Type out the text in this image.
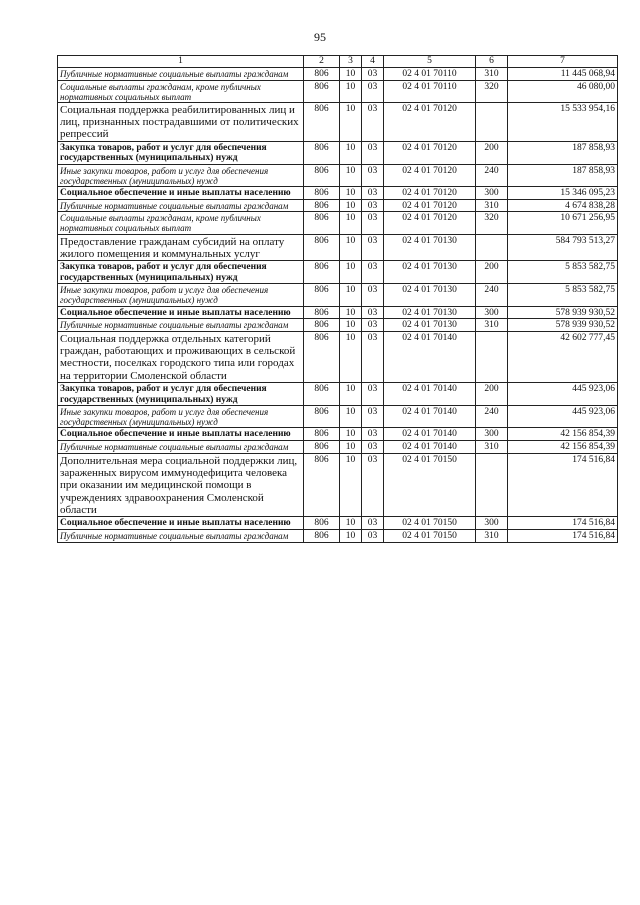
95
1	2	3	4	5	6	7
Публичные нормативные социальные выплаты гражданам	806	10	03	02 4 01 70110	310	11 445 068,94
Социальные выплаты гражданам, кроме публичных нормативных социальных выплат	806	10	03	02 4 01 70110	320	46 080,00
Социальная поддержка реабилитированных лиц и лиц, признанных пострадавшими от политических репрессий	806	10	03	02 4 01 70120		15 533 954,16
Закупка товаров, работ и услуг для обеспечения государственных (муниципальных) нужд	806	10	03	02 4 01 70120	200	187 858,93
Иные закупки товаров, работ и услуг для обеспечения государственных (муниципальных) нужд	806	10	03	02 4 01 70120	240	187 858,93
Социальное обеспечение и иные выплаты населению	806	10	03	02 4 01 70120	300	15 346 095,23
Публичные нормативные социальные выплаты гражданам	806	10	03	02 4 01 70120	310	4 674 838,28
Социальные выплаты гражданам, кроме публичных нормативных социальных выплат	806	10	03	02 4 01 70120	320	10 671 256,95
Предоставление гражданам субсидий на оплату жилого помещения и коммунальных услуг	806	10	03	02 4 01 70130		584 793 513,27
Закупка товаров, работ и услуг для обеспечения государственных (муниципальных) нужд	806	10	03	02 4 01 70130	200	5 853 582,75
Иные закупки товаров, работ и услуг для обеспечения государственных (муниципальных) нужд	806	10	03	02 4 01 70130	240	5 853 582,75
Социальное обеспечение и иные выплаты населению	806	10	03	02 4 01 70130	300	578 939 930,52
Публичные нормативные социальные выплаты гражданам	806	10	03	02 4 01 70130	310	578 939 930,52
Социальная поддержка отдельных категорий граждан, работающих и проживающих в сельской местности, поселках городского типа или городах на территории Смоленской области	806	10	03	02 4 01 70140		42 602 777,45
Закупка товаров, работ и услуг для обеспечения государственных (муниципальных) нужд	806	10	03	02 4 01 70140	200	445 923,06
Иные закупки товаров, работ и услуг для обеспечения государственных (муниципальных) нужд	806	10	03	02 4 01 70140	240	445 923,06
Социальное обеспечение и иные выплаты населению	806	10	03	02 4 01 70140	300	42 156 854,39
Публичные нормативные социальные выплаты гражданам	806	10	03	02 4 01 70140	310	42 156 854,39
Дополнительная мера социальной поддержки лиц, зараженных вирусом иммунодефицита человека при оказании им медицинской помощи в учреждениях здравоохранения Смоленской области	806	10	03	02 4 01 70150		174 516,84
Социальное обеспечение и иные выплаты населению	806	10	03	02 4 01 70150	300	174 516,84
Публичные нормативные социальные выплаты гражданам	806	10	03	02 4 01 70150	310	174 516,84
